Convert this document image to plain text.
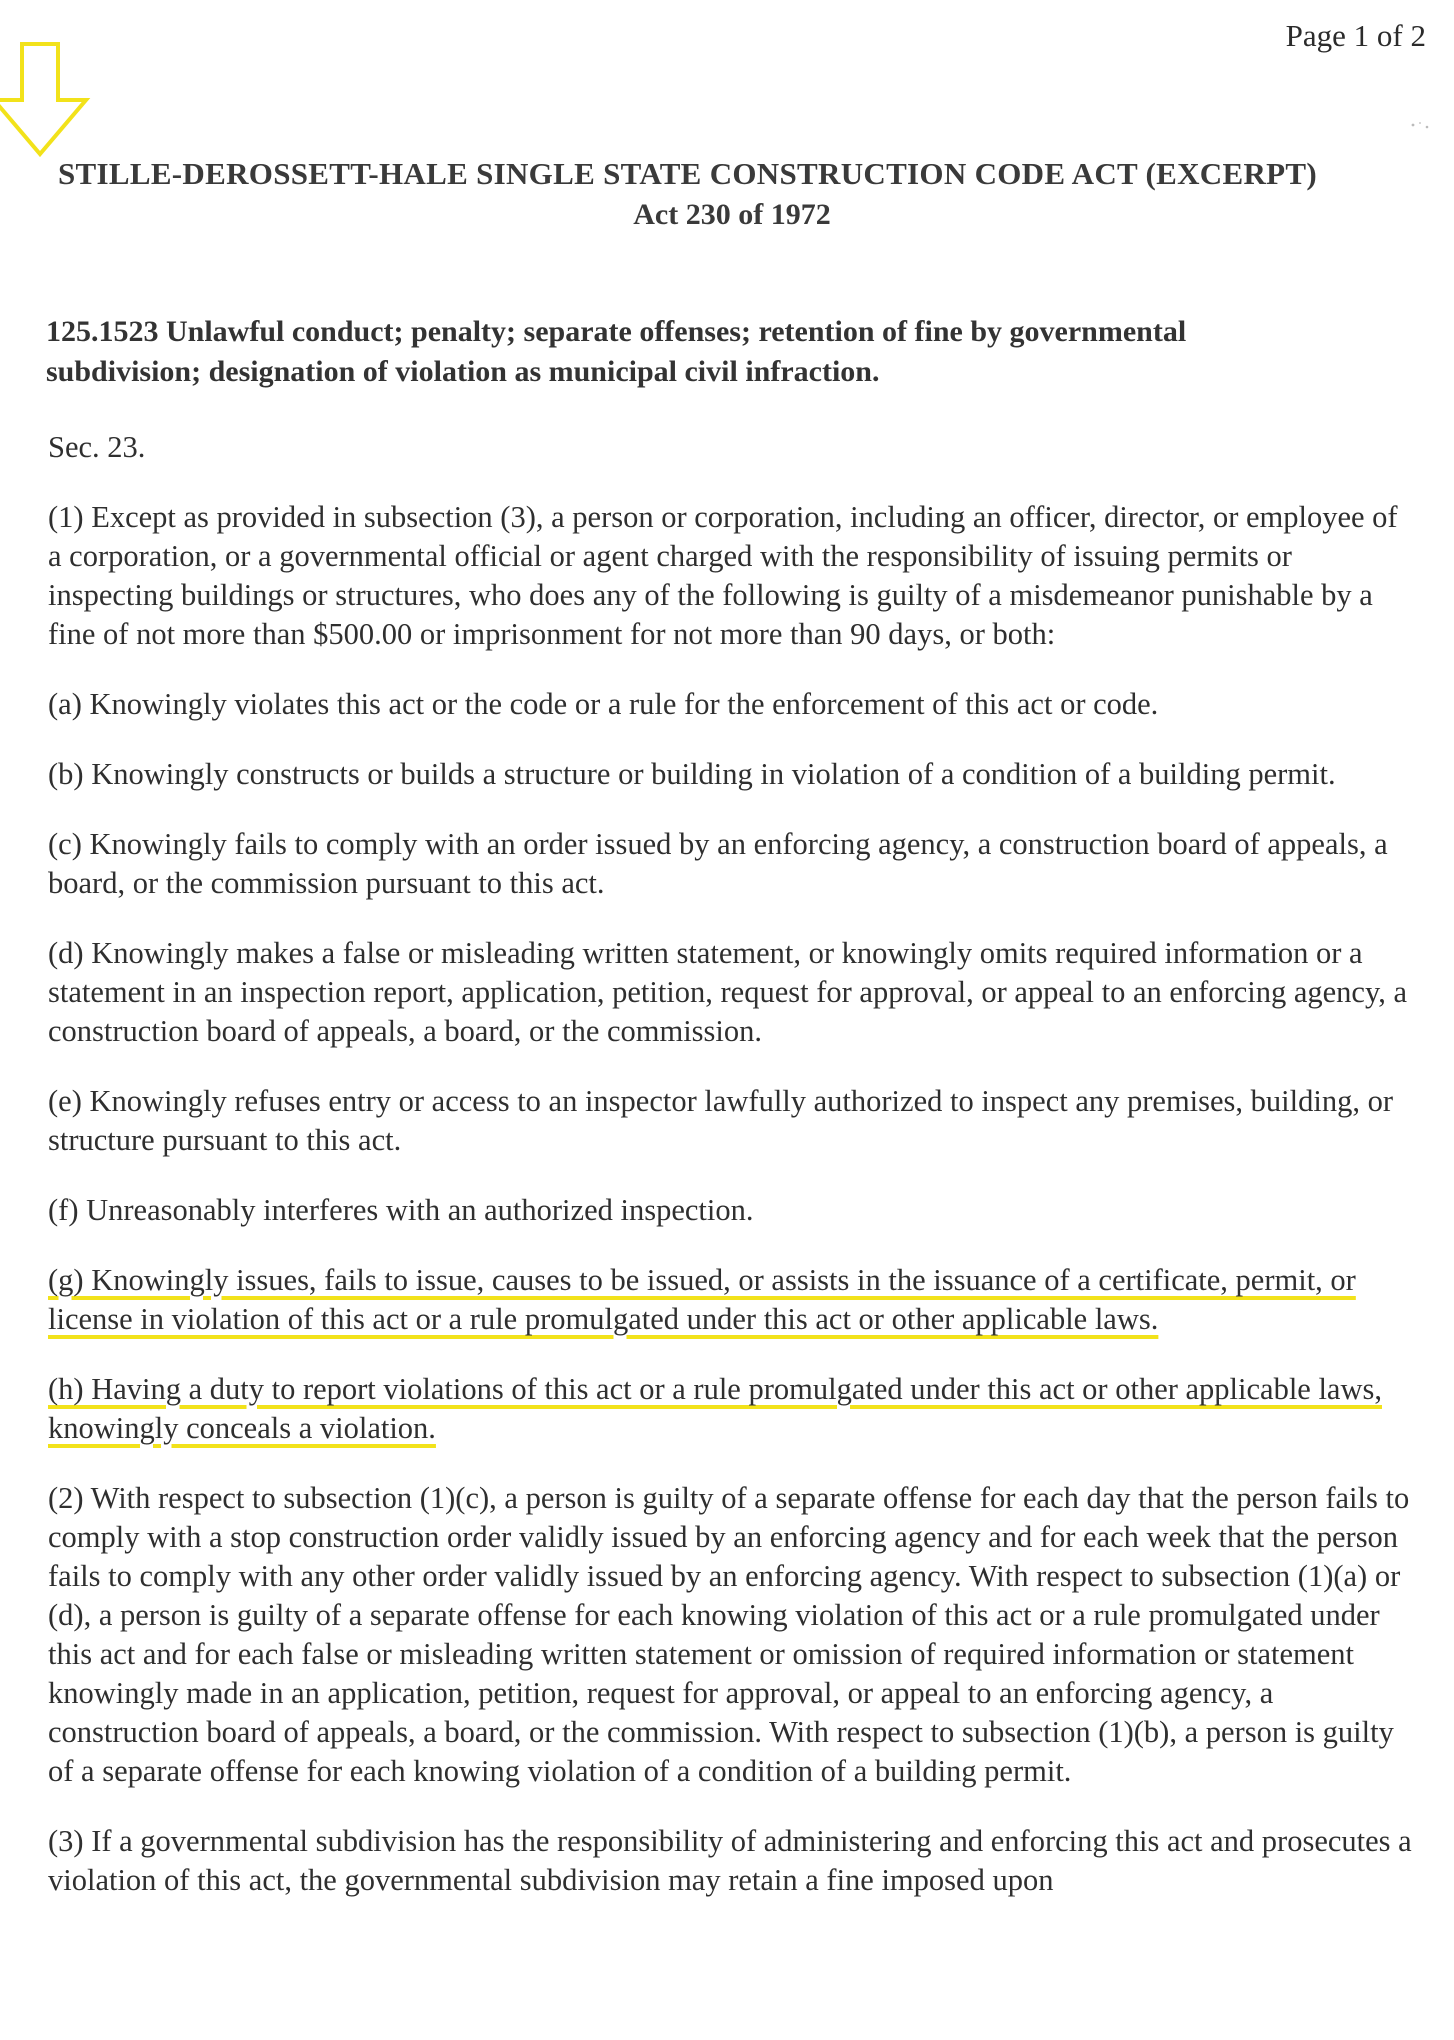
Page 1 of 2
STILLE-DEROSSETT-HALE SINGLE STATE CONSTRUCTION CODE ACT (EXCERPT)
Act 230 of 1972
125.1523 Unlawful conduct; penalty; separate offenses; retention of fine by governmental subdivision; designation of violation as municipal civil infraction.

Sec. 23.

(1) Except as provided in subsection (3), a person or corporation, including an officer, director, or employee of a corporation, or a governmental official or agent charged with the responsibility of issuing permits or inspecting buildings or structures, who does any of the following is guilty of a misdemeanor punishable by a fine of not more than $500.00 or imprisonment for not more than 90 days, or both:

(a) Knowingly violates this act or the code or a rule for the enforcement of this act or code.

(b) Knowingly constructs or builds a structure or building in violation of a condition of a building permit.

(c) Knowingly fails to comply with an order issued by an enforcing agency, a construction board of appeals, a board, or the commission pursuant to this act.

(d) Knowingly makes a false or misleading written statement, or knowingly omits required information or a statement in an inspection report, application, petition, request for approval, or appeal to an enforcing agency, a construction board of appeals, a board, or the commission.

(e) Knowingly refuses entry or access to an inspector lawfully authorized to inspect any premises, building, or structure pursuant to this act.

(f) Unreasonably interferes with an authorized inspection.

(g) Knowingly issues, fails to issue, causes to be issued, or assists in the issuance of a certificate, permit, or license in violation of this act or a rule promulgated under this act or other applicable laws.

(h) Having a duty to report violations of this act or a rule promulgated under this act or other applicable laws, knowingly conceals a violation.

(2) With respect to subsection (1)(c), a person is guilty of a separate offense for each day that the person fails to comply with a stop construction order validly issued by an enforcing agency and for each week that the person fails to comply with any other order validly issued by an enforcing agency. With respect to subsection (1)(a) or (d), a person is guilty of a separate offense for each knowing violation of this act or a rule promulgated under this act and for each false or misleading written statement or omission of required information or statement knowingly made in an application, petition, request for approval, or appeal to an enforcing agency, a construction board of appeals, a board, or the commission. With respect to subsection (1)(b), a person is guilty of a separate offense for each knowing violation of a condition of a building permit.

(3) If a governmental subdivision has the responsibility of administering and enforcing this act and prosecutes a violation of this act, the governmental subdivision may retain a fine imposed upon
